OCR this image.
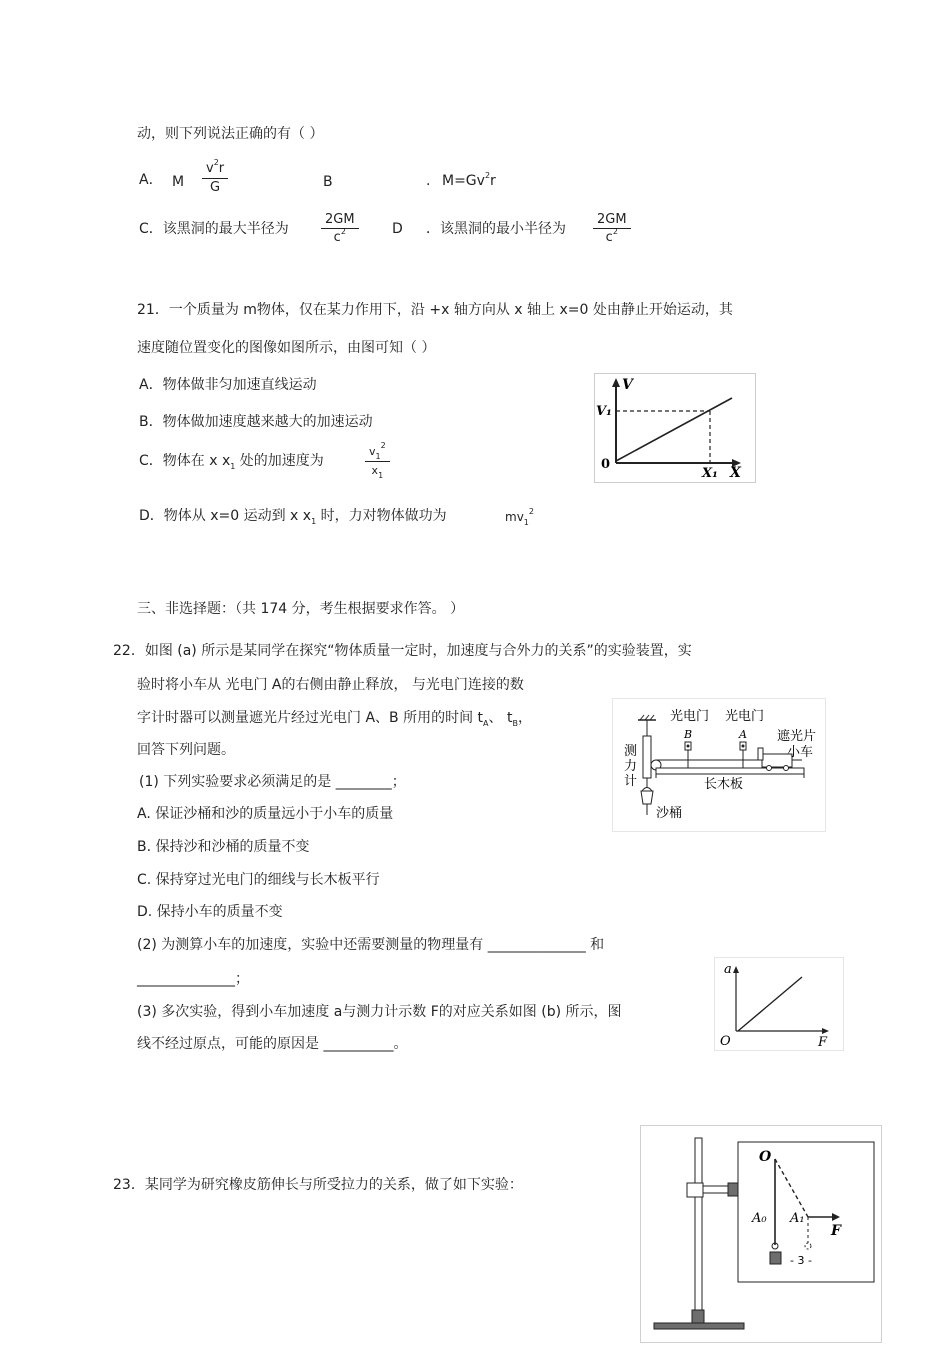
动，则下列说法正确的有（ ）
A． M $\frac{v^2r}{G}$	B	. $M=Gv^2r$
C．该黑洞的最大半径为 $\frac{2GM}{c^2}$ D ．该黑洞的最小半径为 $\frac{2GM}{c^2}$
21．一个质量为 m物体，仅在某力作用下，沿 +x 轴方向从 x 轴上 x=0 处由静止开始运动，其
速度随位置变化的图像如图所示，由图可知（ ）
A．物体做非匀加速直线运动
B．物体做加速度越来越大的加速运动
C．物体在 x $x_1$ 处的加速度为	$\frac{v_1^2}{x_1}$
D．物体从 x=0 运动到 x $x_1$ 时，力对物体做功为	$mv_1^2$
V
V₁
0
X₁ X
三、非选择题：（共 174 分，考生根据要求作答。 ）
22．如图 (a) 所示是某同学在探究“物体质量一定时，加速度与合外力的关系”的实验装置，实
验时将小车从 光电门 A的右侧由静止释放， 与光电门连接的数
字计时器可以测量遮光片经过光电门 A、B 所用的时间 $t_A$、 $t_B$，
回答下列问题。
(1) 下列实验要求必须满足的是 ________；
A. 保证沙桶和沙的质量远小于小车的质量
B. 保持沙和沙桶的质量不变
C. 保持穿过光电门的细线与长木板平行
D. 保持小车的质量不变
(2) 为测算小车的加速度，实验中还需要测量的物理量有 ______________ 和
______________；
(3) 多次实验，得到小车加速度 a与测力计示数 F的对应关系如图 (b) 所示，图
线不经过原点，可能的原因是 __________。
光电门 光电门
B	A 遮光片
小车
长木板
测
力
计
沙桶
a
O	F
23．某同学为研究橡皮筋伸长与所受拉力的关系，做了如下实验：
O
A₀ A₁
F
- 3 -
